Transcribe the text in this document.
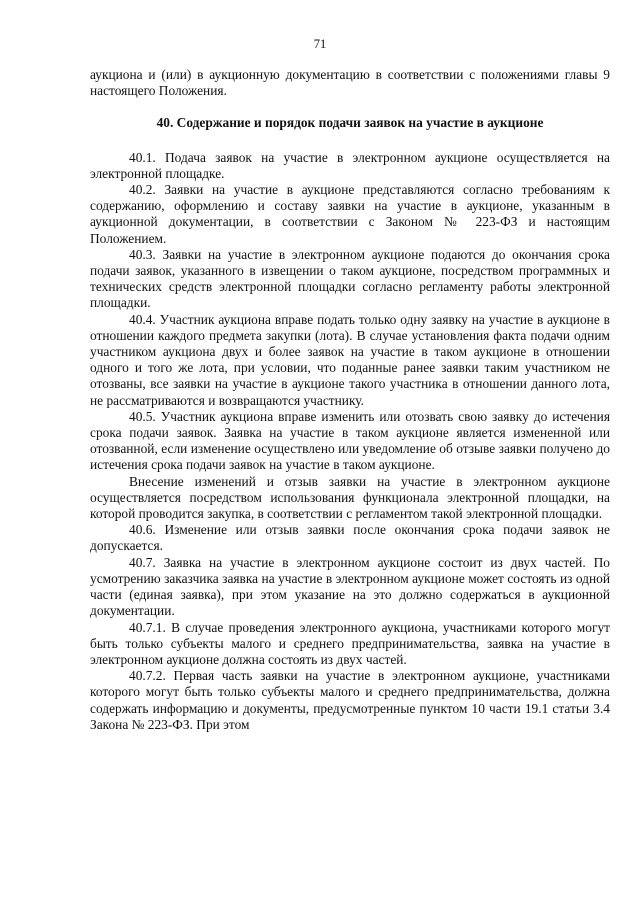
71

аукциона и (или) в аукционную документацию в соответствии с положениями главы 9 настоящего Положения.

40. Содержание и порядок подачи заявок на участие в аукционе

40.1. Подача заявок на участие в электронном аукционе осуществляется на электронной площадке.

40.2. Заявки на участие в аукционе представляются согласно требованиям к содержанию, оформлению и составу заявки на участие в аукционе, указанным в аукционной документации, в соответствии с Законом № 223-ФЗ и настоящим Положением.

40.3. Заявки на участие в электронном аукционе подаются до окончания срока подачи заявок, указанного в извещении о таком аукционе, посредством программных и технических средств электронной площадки согласно регламенту работы электронной площадки.

40.4. Участник аукциона вправе подать только одну заявку на участие в аукционе в отношении каждого предмета закупки (лота). В случае установления факта подачи одним участником аукциона двух и более заявок на участие в таком аукционе в отношении одного и того же лота, при условии, что поданные ранее заявки таким участником не отозваны, все заявки на участие в аукционе такого участника в отношении данного лота, не рассматриваются и возвращаются участнику.

40.5. Участник аукциона вправе изменить или отозвать свою заявку до истечения срока подачи заявок. Заявка на участие в таком аукционе является измененной или отозванной, если изменение осуществлено или уведомление об отзыве заявки получено до истечения срока подачи заявок на участие в таком аукционе.

Внесение изменений и отзыв заявки на участие в электронном аукционе осуществляется посредством использования функционала электронной площадки, на которой проводится закупка, в соответствии с регламентом такой электронной площадки.

40.6. Изменение или отзыв заявки после окончания срока подачи заявок не допускается.

40.7. Заявка на участие в электронном аукционе состоит из двух частей. По усмотрению заказчика заявка на участие в электронном аукционе может состоять из одной части (единая заявка), при этом указание на это должно содержаться в аукционной документации.

40.7.1. В случае проведения электронного аукциона, участниками которого могут быть только субъекты малого и среднего предпринимательства, заявка на участие в электронном аукционе должна состоять из двух частей.

40.7.2. Первая часть заявки на участие в электронном аукционе, участниками которого могут быть только субъекты малого и среднего предпринимательства, должна содержать информацию и документы, предусмотренные пунктом 10 части 19.1 статьи 3.4 Закона № 223-ФЗ. При этом
